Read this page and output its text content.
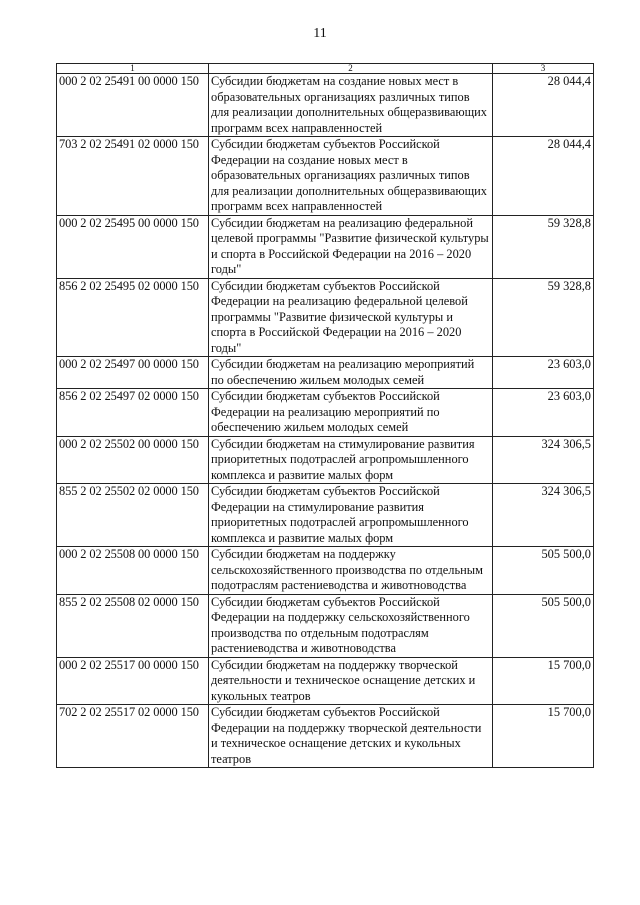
11
1	2	3
000 2 02 25491 00 0000 150	Субсидии бюджетам на создание новых мест в образовательных организациях различных типов для реализации дополнительных общеразвивающих программ всех направленностей	28 044,4
703 2 02 25491 02 0000 150	Субсидии бюджетам субъектов Российской Федерации на создание новых мест в образовательных организациях различных типов для реализации дополнительных общеразвивающих программ всех направленностей	28 044,4
000 2 02 25495 00 0000 150	Субсидии бюджетам на реализацию федеральной целевой программы "Развитие физической культуры и спорта в Российской Федерации на 2016 – 2020 годы"	59 328,8
856 2 02 25495 02 0000 150	Субсидии бюджетам субъектов Российской Федерации на реализацию федеральной целевой программы "Развитие физической культуры и спорта в Российской Федерации на 2016 – 2020 годы"	59 328,8
000 2 02 25497 00 0000 150	Субсидии бюджетам на реализацию мероприятий по обеспечению жильем молодых семей	23 603,0
856 2 02 25497 02 0000 150	Субсидии бюджетам субъектов Российской Федерации на реализацию мероприятий по обеспечению жильем молодых семей	23 603,0
000 2 02 25502 00 0000 150	Субсидии бюджетам на стимулирование развития приоритетных подотраслей агропромышленного комплекса и развитие малых форм	324 306,5
855 2 02 25502 02 0000 150	Субсидии бюджетам субъектов Российской Федерации на стимулирование развития приоритетных подотраслей агропромышленного комплекса и развитие малых форм	324 306,5
000 2 02 25508 00 0000 150	Субсидии бюджетам на поддержку сельскохозяйственного производства по отдельным подотраслям растениеводства и животноводства	505 500,0
855 2 02 25508 02 0000 150	Субсидии бюджетам субъектов Российской Федерации на поддержку сельскохозяйственного производства по отдельным подотраслям растениеводства и животноводства	505 500,0
000 2 02 25517 00 0000 150	Субсидии бюджетам на поддержку творческой деятельности и техническое оснащение детских и кукольных театров	15 700,0
702 2 02 25517 02 0000 150	Субсидии бюджетам субъектов Российской Федерации на поддержку творческой деятельности и техническое оснащение детских и кукольных театров	15 700,0
